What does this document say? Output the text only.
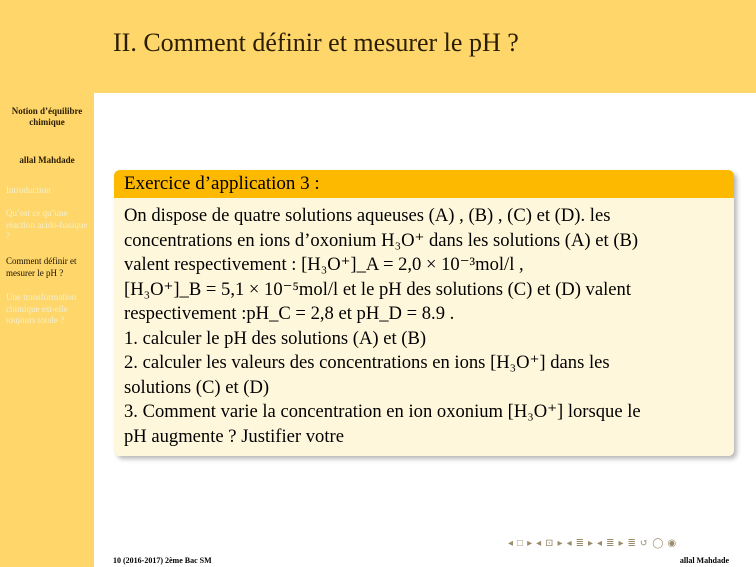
Notion d’équilibre chimique
allal Mahdade
Introduction
Qu’est ce qu’une réaction acido-basique ?
Comment définir et mesurer le pH ?
Une transformation chimique est-elle toujours totale ?
II. Comment définir et mesurer le pH ?
Exercice d’application 3 :
On dispose de quatre solutions aqueuses (A) , (B) , (C) et (D). les
concentrations en ions d’oxonium H₃O⁺ dans les solutions (A) et (B)
valent respectivement : [H₃O⁺]_A = 2,0 × 10⁻³mol/l ,
[H₃O⁺]_B = 5,1 × 10⁻⁵mol/l et le pH des solutions (C) et (D) valent
respectivement :pH_C = 2,8 et pH_D = 8.9 .
1. calculer le pH des solutions (A) et (B)
2. calculer les valeurs des concentrations en ions [H₃O⁺] dans les
solutions (C) et (D)
3. Comment varie la concentration en ion oxonium [H₃O⁺] lorsque le
pH augmente ? Justifier votre
◂ □ ▸ ◂ ⊡ ▸ ◂ ≣ ▸ ◂ ≣ ▸ ≣ ↺ ◯ ◉
10 (2016-2017) 2ème Bac SM	allal Mahdade
